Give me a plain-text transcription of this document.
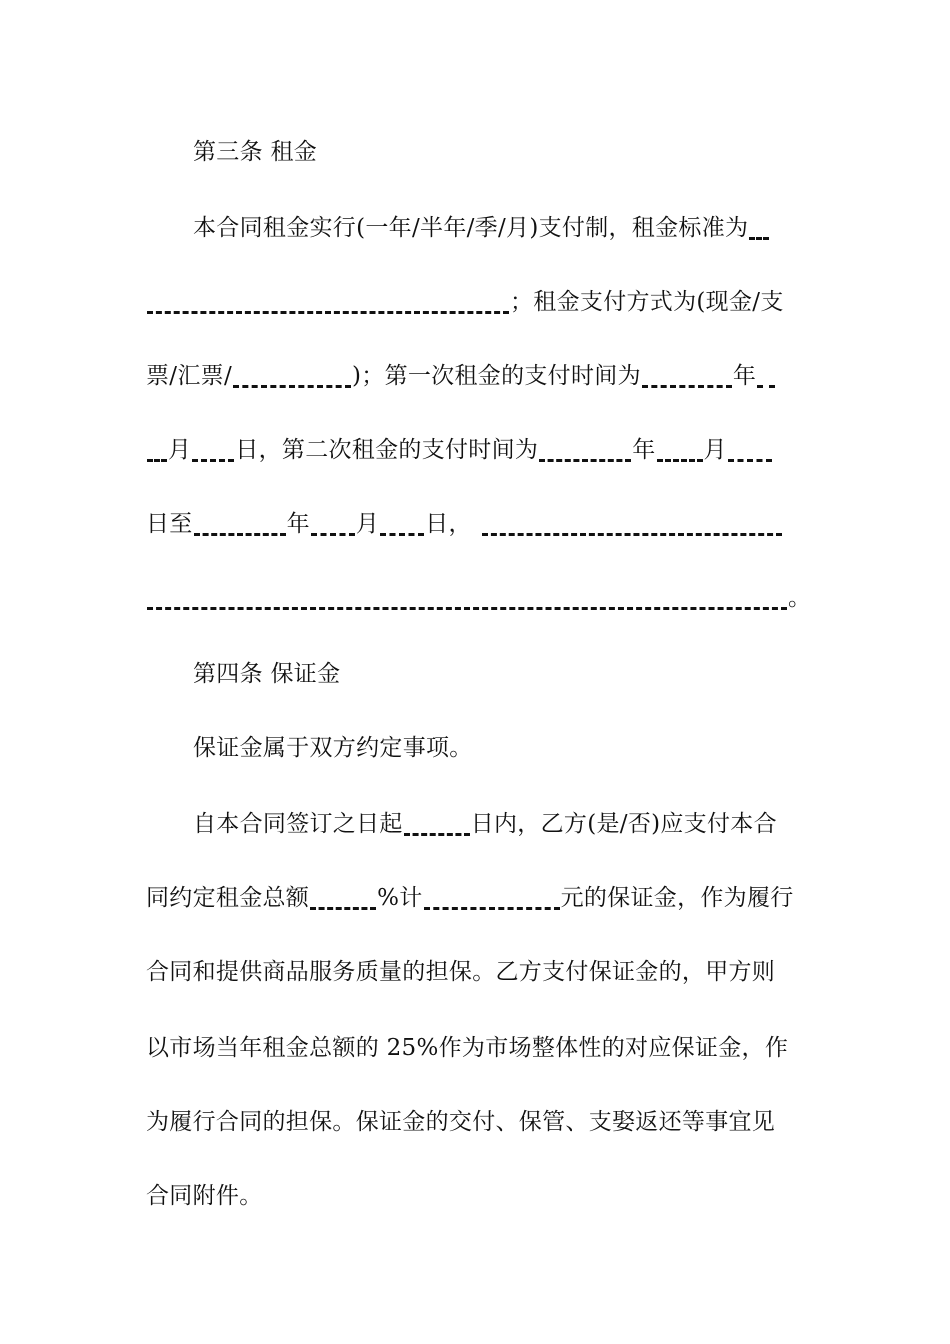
第三条 租金
本合同租金实行(一年/半年/季/月)支付制，租金标准为
；租金支付方式为(现金/支
票/汇票/	)；第一次租金的支付时间为	年
月 日，第二次租金的支付时间为	年 月
日至	年 月 日，
。
第四条 保证金
保证金属于双方约定事项。
自本合同签订之日起	日内，乙方(是/否)应支付本合
同约定租金总额	%计	元的保证金，作为履行
合同和提供商品服务质量的担保。乙方支付保证金的，甲方则
以市场当年租金总额的 25%作为市场整体性的对应保证金，作
为履行合同的担保。保证金的交付、保管、支娶返还等事宜见
合同附件。
